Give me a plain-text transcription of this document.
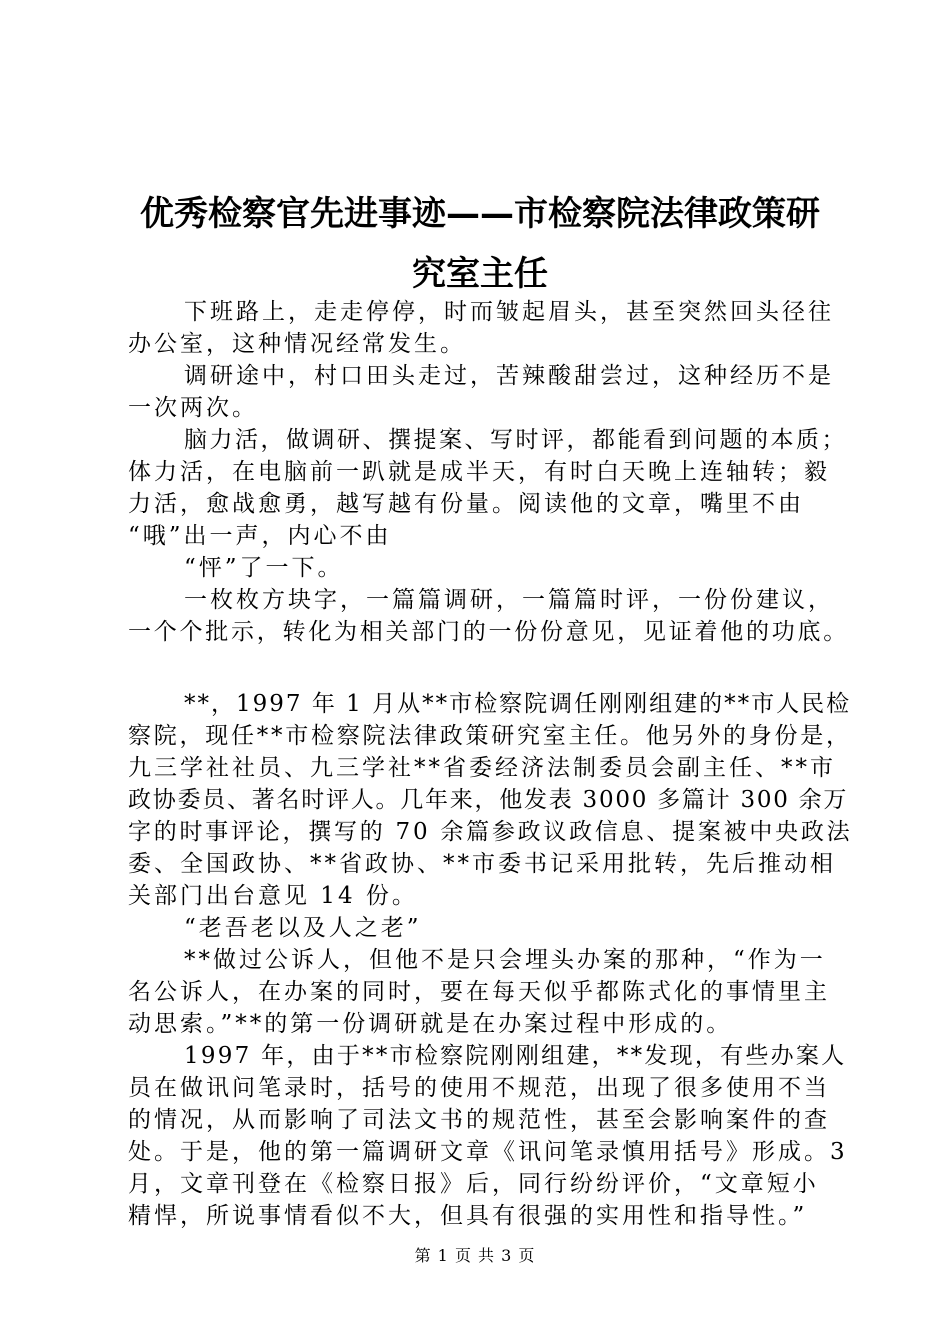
优秀检察官先进事迹——市检察院法律政策研
究室主任
下班路上，走走停停，时而皱起眉头，甚至突然回头径往
办公室，这种情况经常发生。
调研途中，村口田头走过，苦辣酸甜尝过，这种经历不是
一次两次。
脑力活，做调研、撰提案、写时评，都能看到问题的本质；
体力活，在电脑前一趴就是成半天，有时白天晚上连轴转；毅
力活，愈战愈勇，越写越有份量。阅读他的文章，嘴里不由
“哦”出一声，内心不由
“怦”了一下。
一枚枚方块字，一篇篇调研，一篇篇时评，一份份建议，
一个个批示，转化为相关部门的一份份意见，见证着他的功底。
**，1997 年 1 月从**市检察院调任刚刚组建的**市人民检
察院，现任**市检察院法律政策研究室主任。他另外的身份是，
九三学社社员、九三学社**省委经济法制委员会副主任、**市
政协委员、著名时评人。几年来，他发表 3000 多篇计 300 余万
字的时事评论，撰写的 70 余篇参政议政信息、提案被中央政法
委、全国政协、**省政协、**市委书记采用批转，先后推动相
关部门出台意见 14 份。
“老吾老以及人之老”
**做过公诉人，但他不是只会埋头办案的那种，“作为一
名公诉人，在办案的同时，要在每天似乎都陈式化的事情里主
动思索。”**的第一份调研就是在办案过程中形成的。
1997 年，由于**市检察院刚刚组建，**发现，有些办案人
员在做讯问笔录时，括号的使用不规范，出现了很多使用不当
的情况，从而影响了司法文书的规范性，甚至会影响案件的查
处。于是，他的第一篇调研文章《讯问笔录慎用括号》形成。3
月，文章刊登在《检察日报》后，同行纷纷评价，“文章短小
精悍，所说事情看似不大，但具有很强的实用性和指导性。”
第 1 页 共 3 页
